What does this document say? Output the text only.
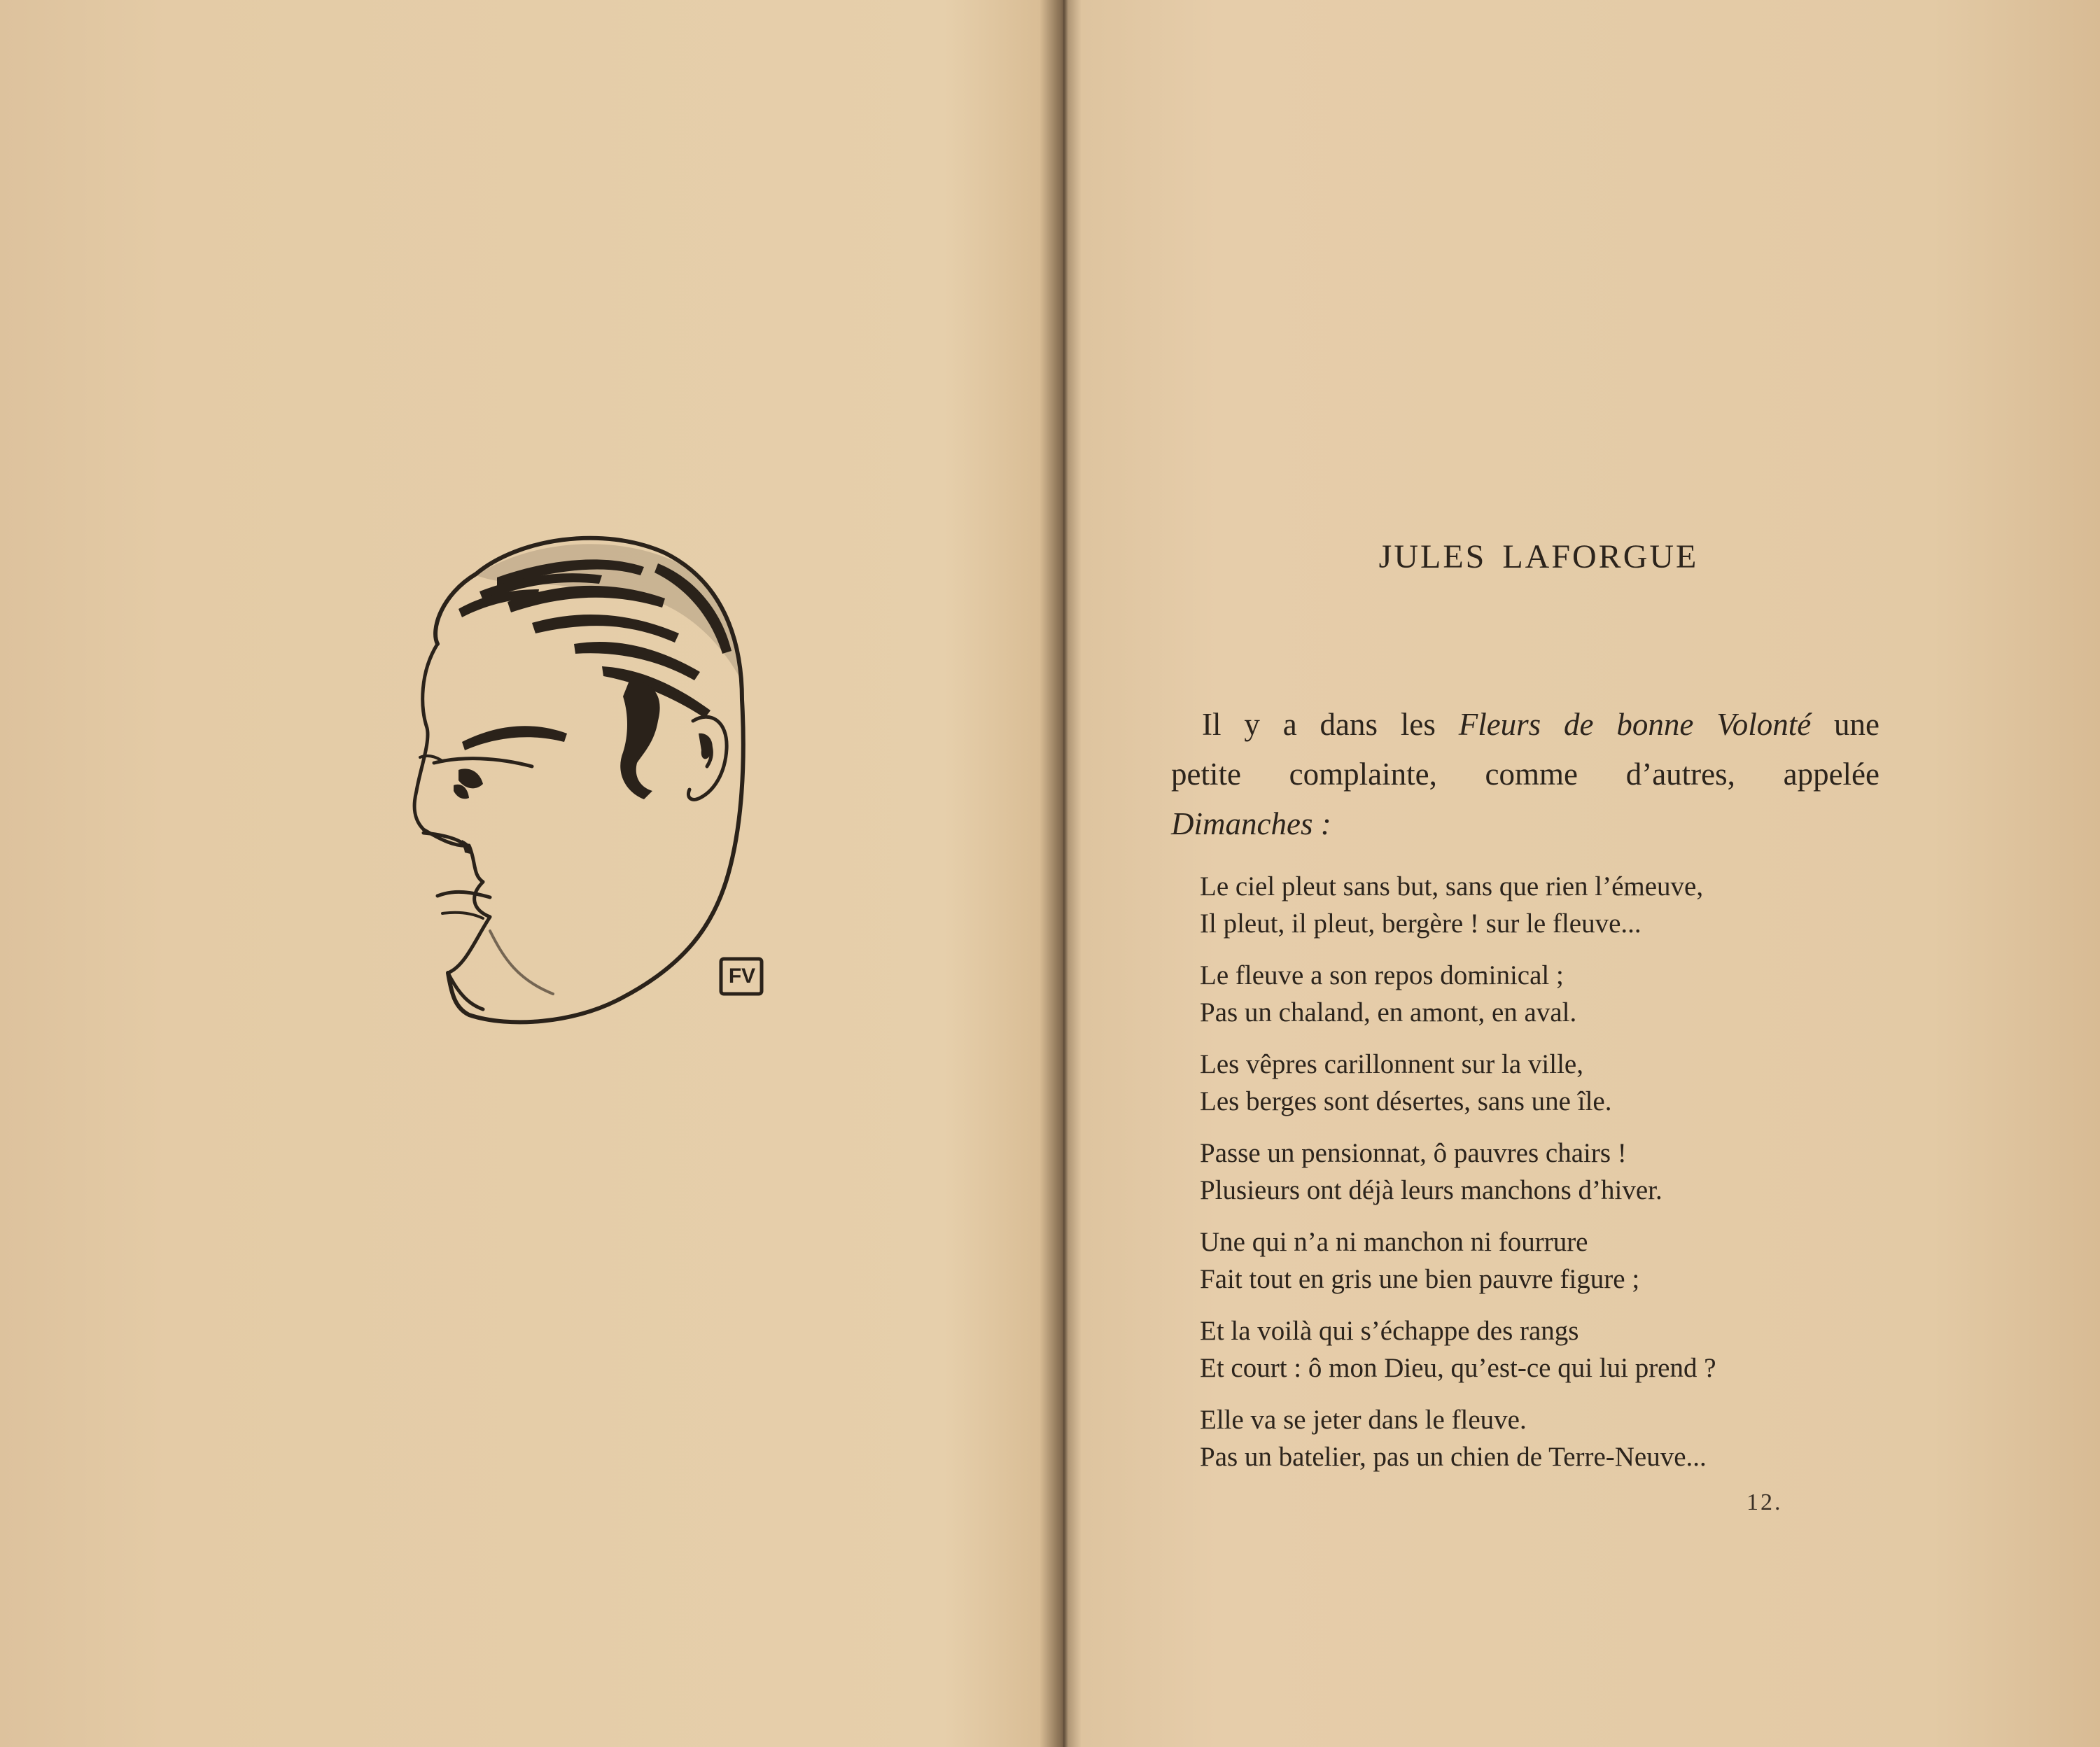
FV
JULES LAFORGUE
Il y a dans les Fleurs de bonne Volonté une
petite complainte, comme d’autres, appelée
Dimanches :
Le ciel pleut sans but, sans que rien l’émeuve,
Il pleut, il pleut, bergère ! sur le fleuve...
Le fleuve a son repos dominical ;
Pas un chaland, en amont, en aval.
Les vêpres carillonnent sur la ville,
Les berges sont désertes, sans une île.
Passe un pensionnat, ô pauvres chairs !
Plusieurs ont déjà leurs manchons d’hiver.
Une qui n’a ni manchon ni fourrure
Fait tout en gris une bien pauvre figure ;
Et la voilà qui s’échappe des rangs
Et court : ô mon Dieu, qu’est-ce qui lui prend ?
Elle va se jeter dans le fleuve.
Pas un batelier, pas un chien de Terre-Neuve...
12.
